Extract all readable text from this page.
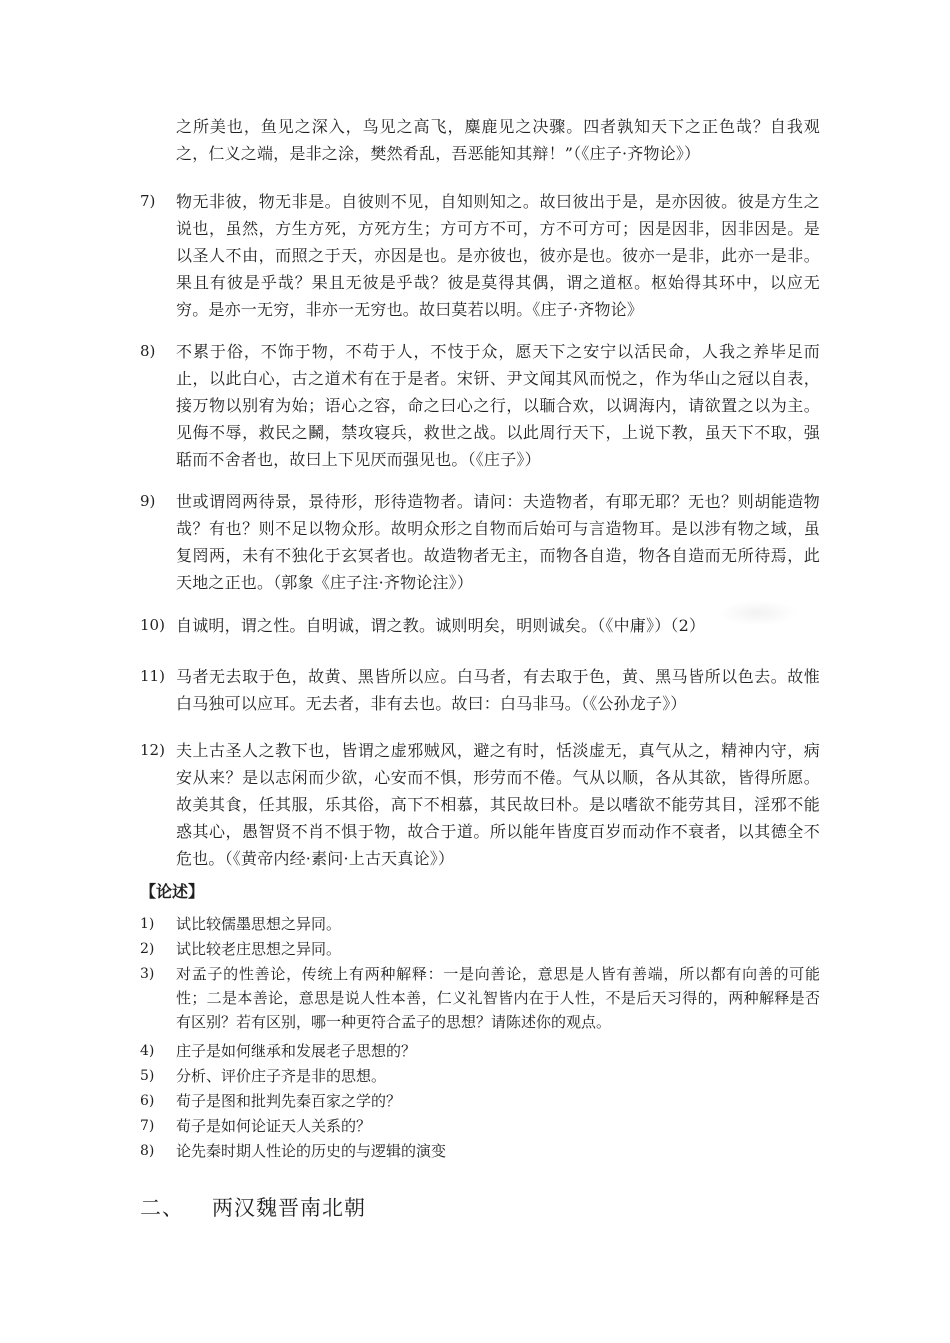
之所美也，鱼见之深入，鸟见之高飞，麋鹿见之决骤。四者孰知天下之正色哉？自我观之，仁义之端，是非之涂，樊然肴乱，吾恶能知其辩！”（《庄子·齐物论》）
7)	物无非彼，物无非是。自彼则不见，自知则知之。故曰彼出于是，是亦因彼。彼是方生之说也，虽然，方生方死，方死方生；方可方不可，方不可方可；因是因非，因非因是。是以圣人不由，而照之于天，亦因是也。是亦彼也，彼亦是也。彼亦一是非，此亦一是非。果且有彼是乎哉？果且无彼是乎哉？彼是莫得其偶，谓之道枢。枢始得其环中，以应无穷。是亦一无穷，非亦一无穷也。故曰莫若以明。《庄子·齐物论》
8)	不累于俗，不饰于物，不苟于人，不忮于众，愿天下之安宁以活民命，人我之养毕足而止，以此白心，古之道术有在于是者。宋钘、尹文闻其风而悦之，作为华山之冠以自表，接万物以别宥为始；语心之容，命之曰心之行，以聏合欢，以调海内，请欲置之以为主。见侮不辱，救民之鬭，禁攻寝兵，救世之战。以此周行天下，上说下教，虽天下不取，强聒而不舍者也，故曰上下见厌而强见也。（《庄子》）
9)	世或谓罔两待景，景待形，形待造物者。请问：夫造物者，有耶无耶？无也？则胡能造物哉？有也？则不足以物众形。故明众形之自物而后始可与言造物耳。是以涉有物之域，虽复罔两，未有不独化于玄冥者也。故造物者无主，而物各自造，物各自造而无所待焉，此天地之正也。（郭象《庄子注·齐物论注》）
10) 自诚明，谓之性。自明诚，谓之教。诚则明矣，明则诚矣。（《中庸》）（2）
11) 马者无去取于色，故黄、黑皆所以应。白马者，有去取于色，黄、黑马皆所以色去。故惟白马独可以应耳。无去者，非有去也。故曰：白马非马。（《公孙龙子》）
12) 夫上古圣人之教下也，皆谓之虚邪贼风，避之有时，恬淡虚无，真气从之，精神内守，病安从来？是以志闲而少欲，心安而不惧，形劳而不倦。气从以顺，各从其欲，皆得所愿。故美其食，任其服，乐其俗，高下不相慕，其民故曰朴。是以嗜欲不能劳其目，淫邪不能惑其心，愚智贤不肖不惧于物，故合于道。所以能年皆度百岁而动作不衰者，以其德全不危也。（《黄帝内经·素问·上古天真论》）
【论述】
1)	试比较儒墨思想之异同。
2)	试比较老庄思想之异同。
3)	对孟子的性善论，传统上有两种解释：一是向善论，意思是人皆有善端，所以都有向善的可能性；二是本善论，意思是说人性本善，仁义礼智皆内在于人性，不是后天习得的，两种解释是否有区别？若有区别，哪一种更符合孟子的思想？请陈述你的观点。
4)	庄子是如何继承和发展老子思想的？
5)	分析、评价庄子齐是非的思想。
6)	荀子是图和批判先秦百家之学的？
7)	荀子是如何论证天人关系的？
8)	论先秦时期人性论的历史的与逻辑的演变
二、 两汉魏晋南北朝
